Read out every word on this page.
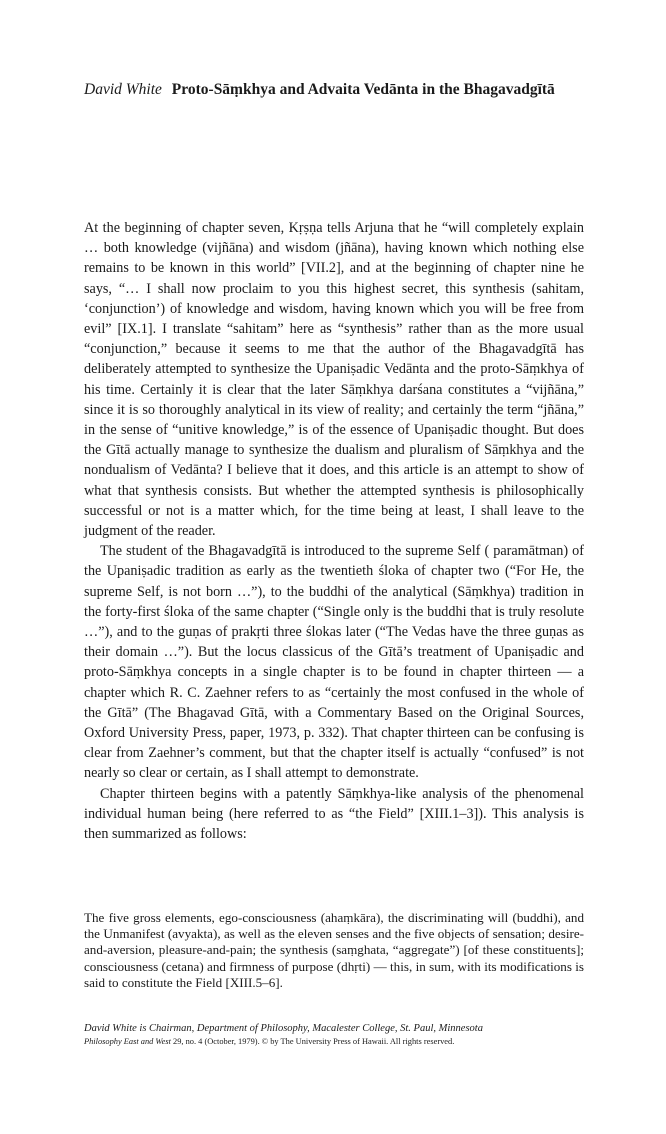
David White Proto-Sāṃkhya and Advaita Vedānta in the Bhagavadgītā

At the beginning of chapter seven, Kṛṣṇa tells Arjuna that he “will completely explain … both knowledge (vijñāna) and wisdom (jñāna), having known which nothing else remains to be known in this world” [VII.2], and at the beginning of chapter nine he says, “… I shall now proclaim to you this highest secret, this synthesis (sahitam, ‘conjunction’) of knowledge and wisdom, having known which you will be free from evil” [IX.1]. I translate “sahitam” here as “synthesis” rather than as the more usual “conjunction,” because it seems to me that the author of the Bhagavadgītā has deliberately attempted to synthesize the Upaniṣadic Vedānta and the proto-Sāṃkhya of his time. Certainly it is clear that the later Sāṃkhya darśana constitutes a “vijñāna,” since it is so thoroughly analytical in its view of reality; and certainly the term “jñāna,” in the sense of “unitive knowledge,” is of the essence of Upaniṣadic thought. But does the Gītā actually manage to synthesize the dualism and pluralism of Sāṃkhya and the nondualism of Vedānta? I believe that it does, and this article is an attempt to show of what that synthesis consists. But whether the attempted synthesis is philosophically successful or not is a matter which, for the time being at least, I shall leave to the judgment of the reader.

The student of the Bhagavadgītā is introduced to the supreme Self ( paramātman) of the Upaniṣadic tradition as early as the twentieth śloka of chapter two (“For He, the supreme Self, is not born …”), to the buddhi of the analytical (Sāṃkhya) tradition in the forty-first śloka of the same chapter (“Single only is the buddhi that is truly resolute …”), and to the guṇas of prakṛti three ślokas later (“The Vedas have the three guṇas as their domain …”). But the locus classicus of the Gītā’s treatment of Upaniṣadic and proto-Sāṃkhya concepts in a single chapter is to be found in chapter thirteen — a chapter which R. C. Zaehner refers to as “certainly the most confused in the whole of the Gītā” (The Bhagavad Gītā, with a Commentary Based on the Original Sources, Oxford University Press, paper, 1973, p. 332). That chapter thirteen can be confusing is clear from Zaehner’s comment, but that the chapter itself is actually “confused” is not nearly so clear or certain, as I shall attempt to demonstrate.

Chapter thirteen begins with a patently Sāṃkhya-like analysis of the phenomenal individual human being (here referred to as “the Field” [XIII.1–3]). This analysis is then summarized as follows:

The five gross elements, ego-consciousness (ahaṃkāra), the discriminating will (buddhi), and the Unmanifest (avyakta), as well as the eleven senses and the five objects of sensation; desire-and-aversion, pleasure-and-pain; the synthesis (saṃghata, “aggregate”) [of these constituents]; consciousness (cetana) and firmness of purpose (dhṛti) — this, in sum, with its modifications is said to constitute the Field [XIII.5–6].
David White is Chairman, Department of Philosophy, Macalester College, St. Paul, Minnesota
Philosophy East and West 29, no. 4 (October, 1979). © by The University Press of Hawaii. All rights reserved.
